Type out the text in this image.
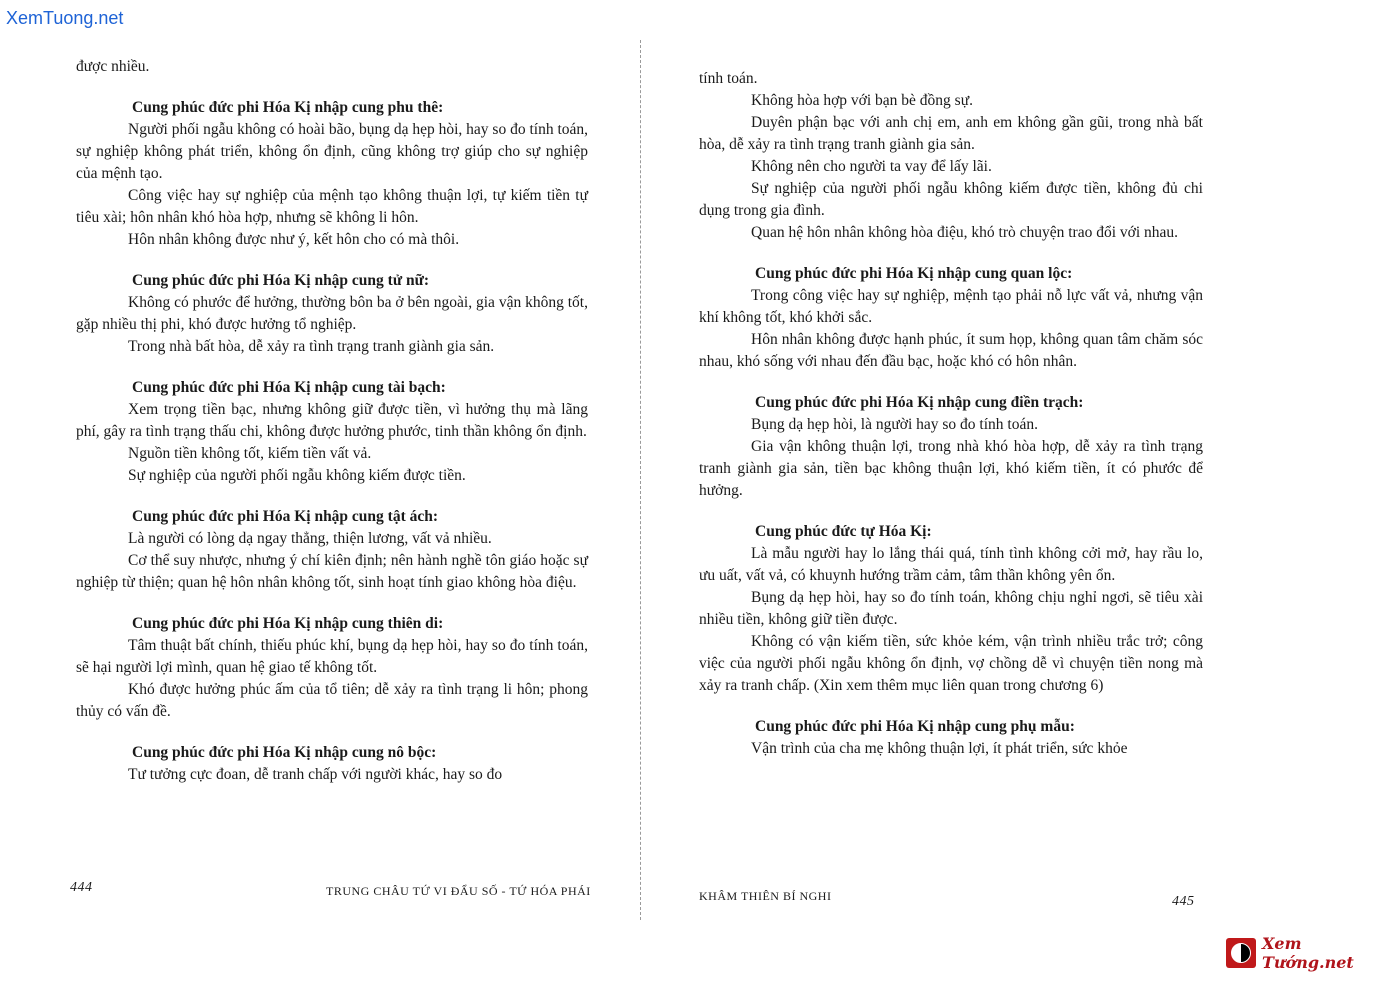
XemTuong.net

được nhiều.

Cung phúc đức phi Hóa Kị nhập cung phu thê:

Người phối ngẫu không có hoài bão, bụng dạ hẹp hòi, hay so đo tính toán, sự nghiệp không phát triển, không ổn định, cũng không trợ giúp cho sự nghiệp của mệnh tạo.

Công việc hay sự nghiệp của mệnh tạo không thuận lợi, tự kiếm tiền tự tiêu xài; hôn nhân khó hòa hợp, nhưng sẽ không li hôn.

Hôn nhân không được như ý, kết hôn cho có mà thôi.

Cung phúc đức phi Hóa Kị nhập cung tử nữ:

Không có phước để hưởng, thường bôn ba ở bên ngoài, gia vận không tốt, gặp nhiều thị phi, khó được hưởng tổ nghiệp.

Trong nhà bất hòa, dễ xảy ra tình trạng tranh giành gia sản.

Cung phúc đức phi Hóa Kị nhập cung tài bạch:

Xem trọng tiền bạc, nhưng không giữ được tiền, vì hưởng thụ mà lãng phí, gây ra tình trạng thấu chi, không được hưởng phước, tinh thần không ổn định.

Nguồn tiền không tốt, kiếm tiền vất vả.

Sự nghiệp của người phối ngẫu không kiếm được tiền.

Cung phúc đức phi Hóa Kị nhập cung tật ách:

Là người có lòng dạ ngay thẳng, thiện lương, vất vả nhiều.

Cơ thể suy nhược, nhưng ý chí kiên định; nên hành nghề tôn giáo hoặc sự nghiệp từ thiện; quan hệ hôn nhân không tốt, sinh hoạt tính giao không hòa điệu.

Cung phúc đức phi Hóa Kị nhập cung thiên di:

Tâm thuật bất chính, thiếu phúc khí, bụng dạ hẹp hòi, hay so đo tính toán, sẽ hại người lợi mình, quan hệ giao tế không tốt.

Khó được hưởng phúc ấm của tổ tiên; dễ xảy ra tình trạng li hôn; phong thủy có vấn đề.

Cung phúc đức phi Hóa Kị nhập cung nô bộc:

Tư tưởng cực đoan, dễ tranh chấp với người khác, hay so đo

tính toán.

Không hòa hợp với bạn bè đồng sự.

Duyên phận bạc với anh chị em, anh em không gần gũi, trong nhà bất hòa, dễ xảy ra tình trạng tranh giành gia sản.

Không nên cho người ta vay để lấy lãi.

Sự nghiệp của người phối ngẫu không kiếm được tiền, không đủ chi dụng trong gia đình.

Quan hệ hôn nhân không hòa điệu, khó trò chuyện trao đổi với nhau.

Cung phúc đức phi Hóa Kị nhập cung quan lộc:

Trong công việc hay sự nghiệp, mệnh tạo phải nỗ lực vất vả, nhưng vận khí không tốt, khó khởi sắc.

Hôn nhân không được hạnh phúc, ít sum họp, không quan tâm chăm sóc nhau, khó sống với nhau đến đầu bạc, hoặc khó có hôn nhân.

Cung phúc đức phi Hóa Kị nhập cung điền trạch:

Bụng dạ hẹp hòi, là người hay so đo tính toán.

Gia vận không thuận lợi, trong nhà khó hòa hợp, dễ xảy ra tình trạng tranh giành gia sản, tiền bạc không thuận lợi, khó kiếm tiền, ít có phước để hưởng.

Cung phúc đức tự Hóa Kị:

Là mẫu người hay lo lắng thái quá, tính tình không cởi mở, hay rầu lo, ưu uất, vất vả, có khuynh hướng trầm cảm, tâm thần không yên ổn.

Bụng dạ hẹp hòi, hay so đo tính toán, không chịu nghỉ ngơi, sẽ tiêu xài nhiều tiền, không giữ tiền được.

Không có vận kiếm tiền, sức khỏe kém, vận trình nhiều trắc trở; công việc của người phối ngẫu không ổn định, vợ chồng dễ vì chuyện tiền nong mà xảy ra tranh chấp. (Xin xem thêm mục liên quan trong chương 6)

Cung phúc đức phi Hóa Kị nhập cung phụ mẫu:

Vận trình của cha mẹ không thuận lợi, ít phát triển, sức khỏe

444	TRUNG CHÂU TỨ VI ĐẨU SỐ - TỨ HÓA PHÁI	KHÂM THIÊN BÍ NGHI	445
Xem Tướng.net
